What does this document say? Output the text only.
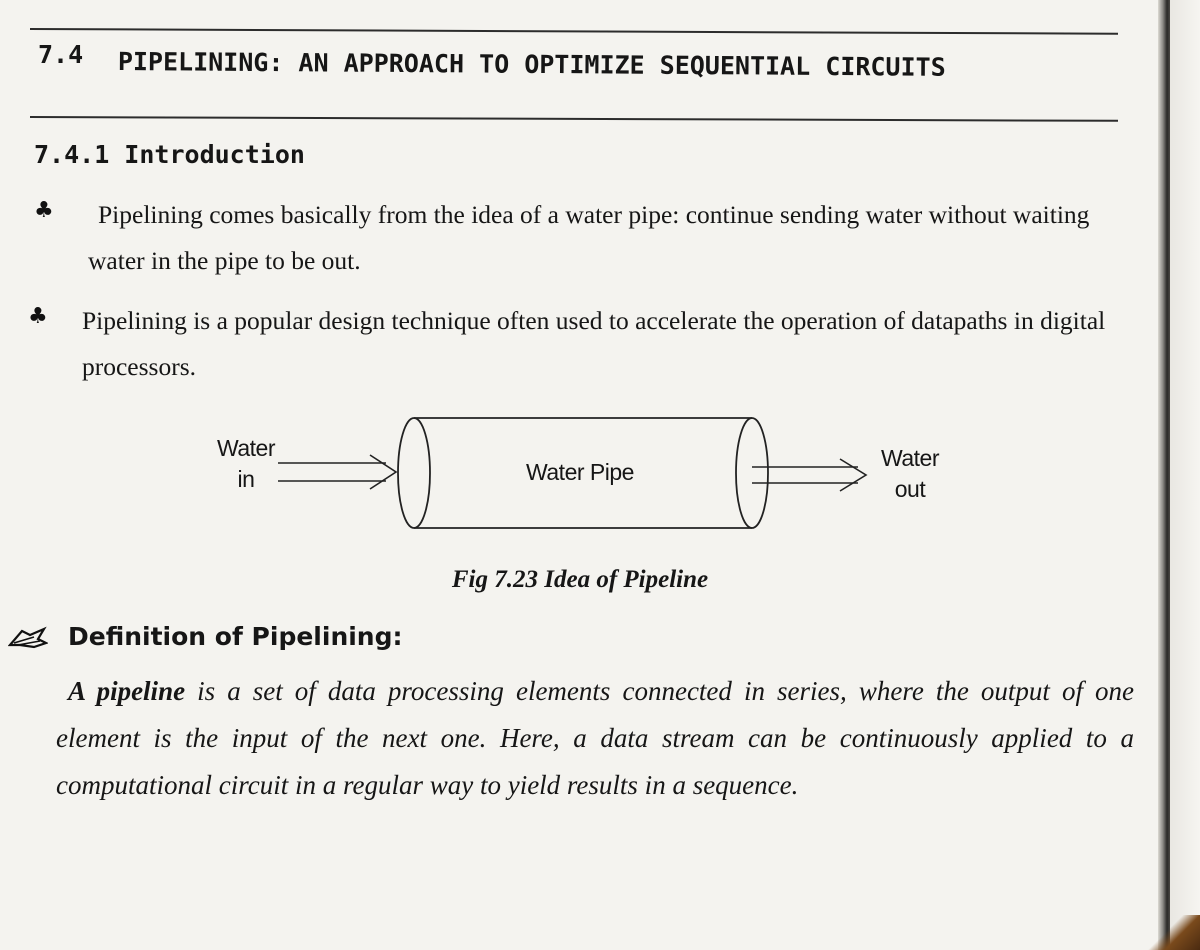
7.4 PIPELINING: AN APPROACH TO OPTIMIZE SEQUENTIAL CIRCUITS
7.4.1 Introduction
♣	Pipelining comes basically from the idea of a water pipe: continue sending water without waiting water in the pipe to be out.
♣ Pipelining is a popular design technique often used to accelerate the operation of datapaths in digital processors.
Water
in	Water Pipe
Water
out
Fig 7.23 Idea of Pipeline
Definition of Pipelining:
A pipeline is a set of data processing elements connected in series, where the output of one element is the input of the next one. Here, a data stream can be continuously applied to a computational circuit in a regular way to yield results in a sequence.
